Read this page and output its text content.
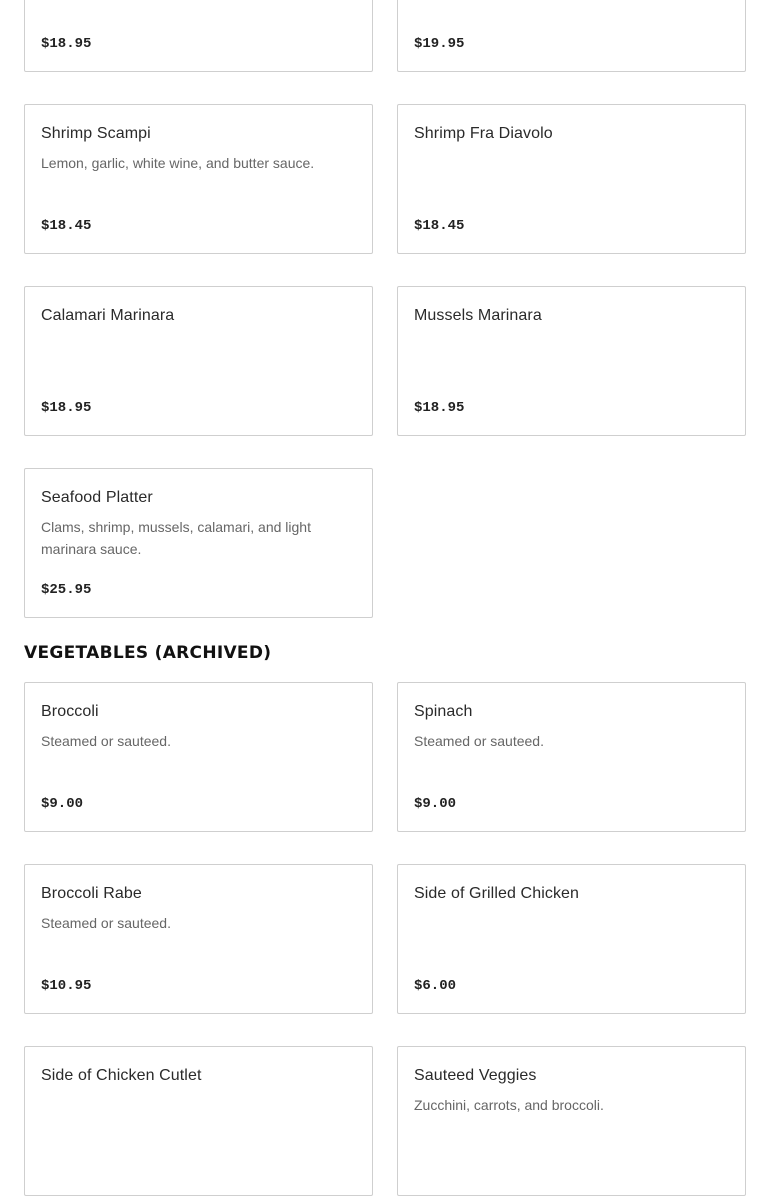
$18.95	$19.95
Shrimp Scampi
Lemon, garlic, white wine, and butter sauce.
$18.45
Shrimp Fra Diavolo
$18.45
Calamari Marinara
$18.95
Mussels Marinara
$18.95
Seafood Platter
Clams, shrimp, mussels, calamari, and light marinara sauce.
$25.95
VEGETABLES (ARCHIVED)
Broccoli
Steamed or sauteed.
$9.00
Spinach
Steamed or sauteed.
$9.00
Broccoli Rabe
Steamed or sauteed.
$10.95
Side of Grilled Chicken
$6.00
Side of Chicken Cutlet	Sauteed Veggies
Zucchini, carrots, and broccoli.
